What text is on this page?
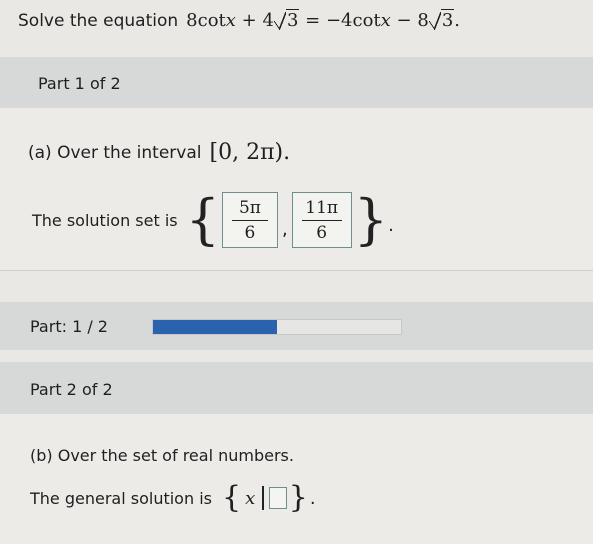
Solve the equation 8cotx + 4 3 = −4cotx − 8 3.
Part 1 of 2
(a) Over the interval [0, 2π).
The solution set is { $\frac{5\pi}{6}$ , $\frac{11\pi}{6}$ } .
Part: 1 / 2
Part 2 of 2
(b) Over the set of real numbers.
The general solution is { x } .
